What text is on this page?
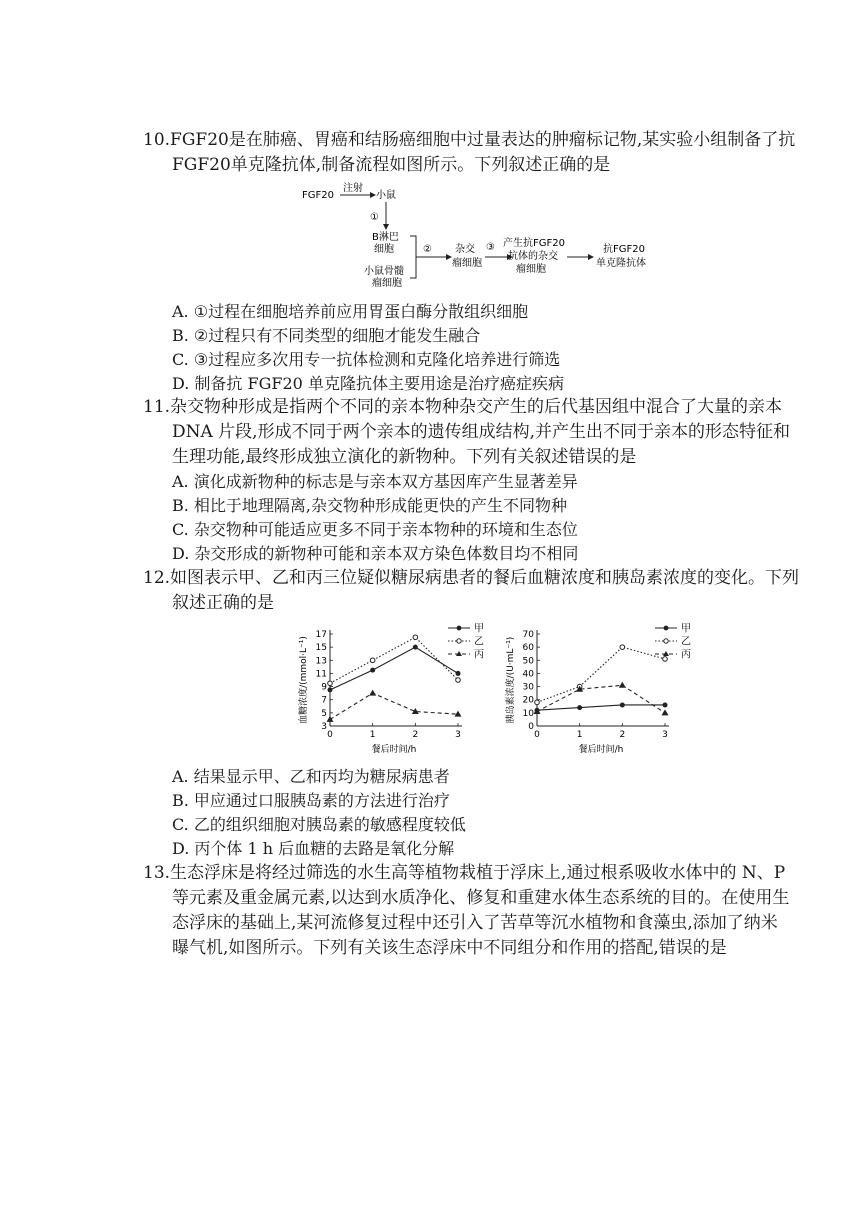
10.FGF20是在肺癌、胃癌和结肠癌细胞中过量表达的肿瘤标记物,某实验小组制备了抗
FGF20单克隆抗体,制备流程如图所示。下列叙述正确的是
FGF20
注射
小鼠
①
B淋巴
细胞
小鼠骨髓
瘤细胞
② 杂交
瘤细胞
③ 产生抗FGF20
抗体的杂交
瘤细胞
抗FGF20
单克隆抗体
A. ①过程在细胞培养前应用胃蛋白酶分散组织细胞
B. ②过程只有不同类型的细胞才能发生融合
C. ③过程应多次用专一抗体检测和克隆化培养进行筛选
D. 制备抗 FGF20 单克隆抗体主要用途是治疗癌症疾病
11.杂交物种形成是指两个不同的亲本物种杂交产生的后代基因组中混合了大量的亲本
DNA 片段,形成不同于两个亲本的遗传组成结构,并产生出不同于亲本的形态特征和
生理功能,最终形成独立演化的新物种。下列有关叙述错误的是
A. 演化成新物种的标志是与亲本双方基因库产生显著差异
B. 相比于地理隔离,杂交物种形成能更快的产生不同物种
C. 杂交物种可能适应更多不同于亲本物种的环境和生态位
D. 杂交形成的新物种可能和亲本双方染色体数目均不相同
12.如图表示甲、乙和丙三位疑似糖尿病患者的餐后血糖浓度和胰岛素浓度的变化。下列
叙述正确的是
3
5
7
9
11
13
15
17
0	1	2	3
餐后时间/h
血糖浓度/(mmol·L⁻¹)
甲
乙
丙
0
10
20
30
40
50
60
70
0	1	2	3
餐后时间/h
胰岛素浓度/(U·mL⁻¹)
甲
乙
丙
A. 结果显示甲、乙和丙均为糖尿病患者
B. 甲应通过口服胰岛素的方法进行治疗
C. 乙的组织细胞对胰岛素的敏感程度较低
D. 丙个体 1 h 后血糖的去路是氧化分解
13.生态浮床是将经过筛选的水生高等植物栽植于浮床上,通过根系吸收水体中的 N、P
等元素及重金属元素,以达到水质净化、修复和重建水体生态系统的目的。在使用生
态浮床的基础上,某河流修复过程中还引入了苦草等沉水植物和食藻虫,添加了纳米
曝气机,如图所示。下列有关该生态浮床中不同组分和作用的搭配,错误的是
